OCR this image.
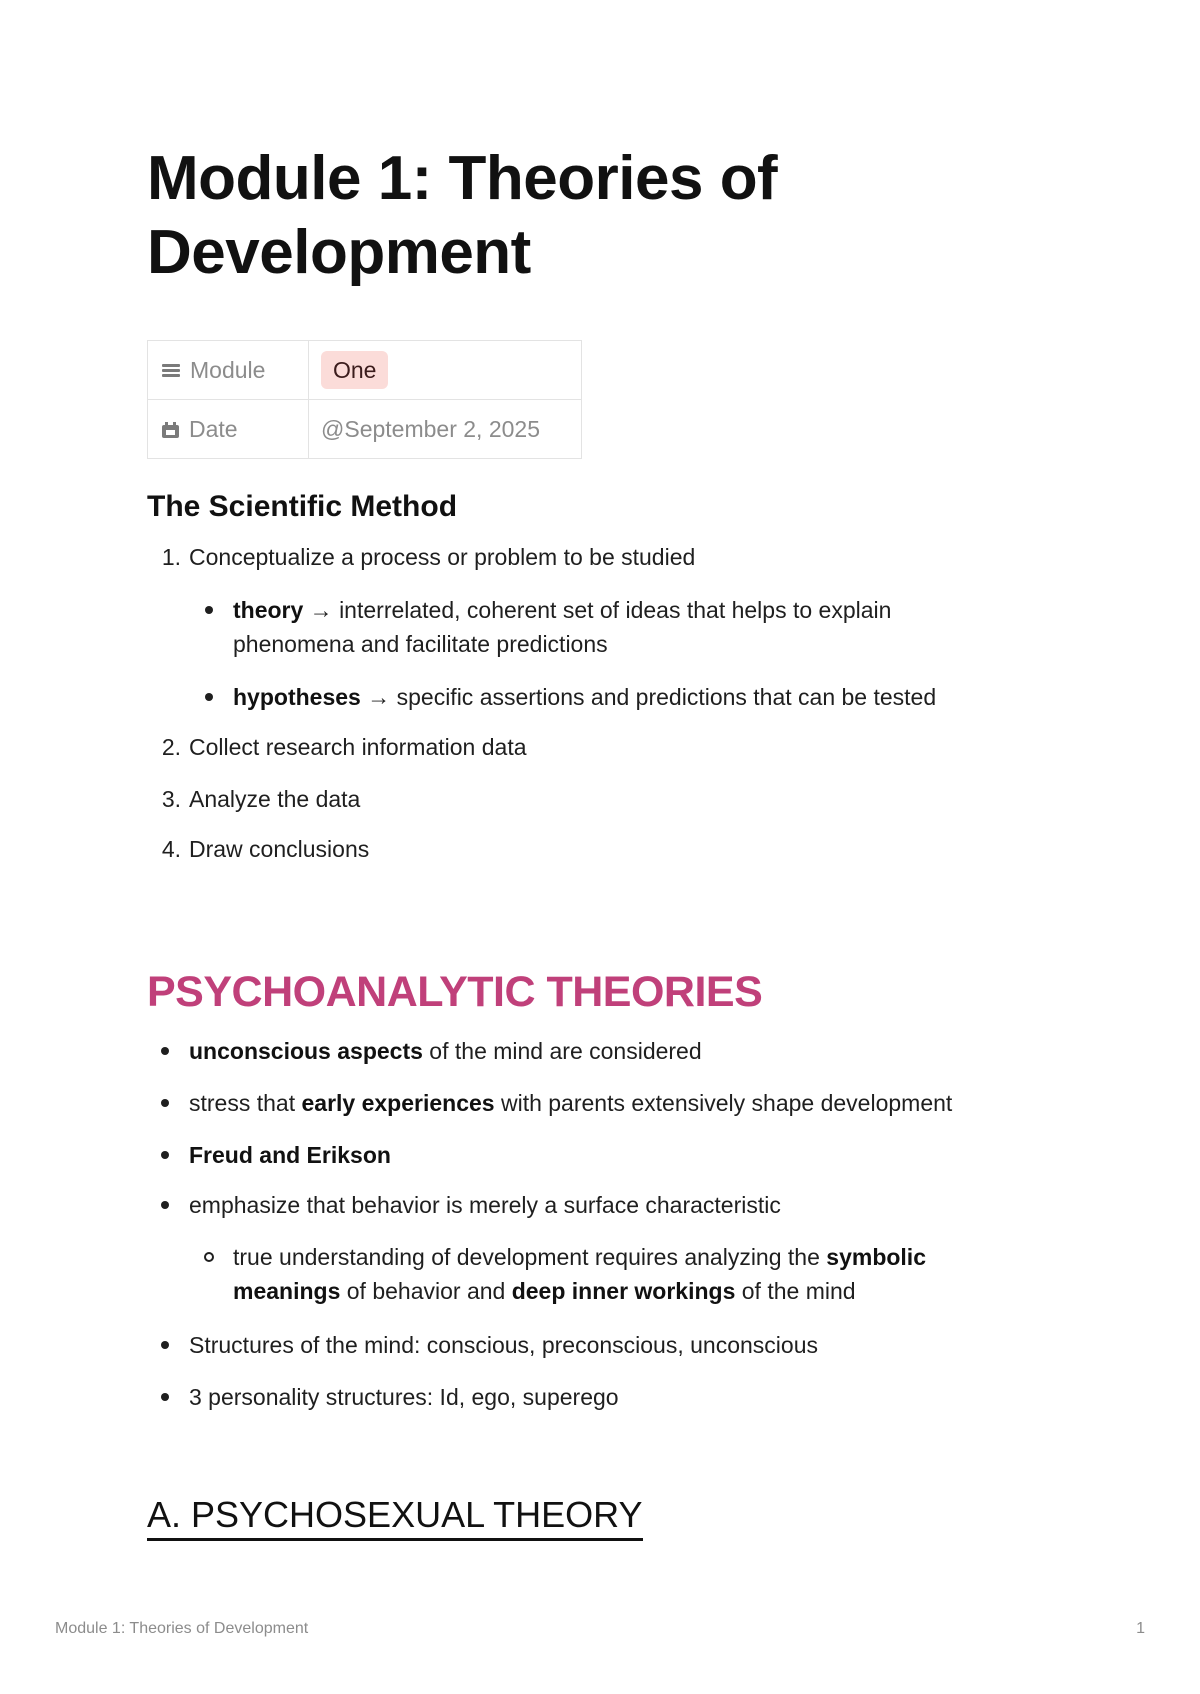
Module 1: Theories of Development
Module	One

Date	@September 2, 2025
The Scientific Method
1. Conceptualize a process or problem to be studied
theory → interrelated, coherent set of ideas that helps to explain phenomena and facilitate predictions
hypotheses → specific assertions and predictions that can be tested
2. Collect research information data
3. Analyze the data
4. Draw conclusions
PSYCHOANALYTIC THEORIES
unconscious aspects of the mind are considered
stress that early experiences with parents extensively shape development
Freud and Erikson
emphasize that behavior is merely a surface characteristic
true understanding of development requires analyzing the symbolic meanings of behavior and deep inner workings of the mind
Structures of the mind: conscious, preconscious, unconscious
3 personality structures: Id, ego, superego
A. PSYCHOSEXUAL THEORY
Module 1: Theories of Development	1
